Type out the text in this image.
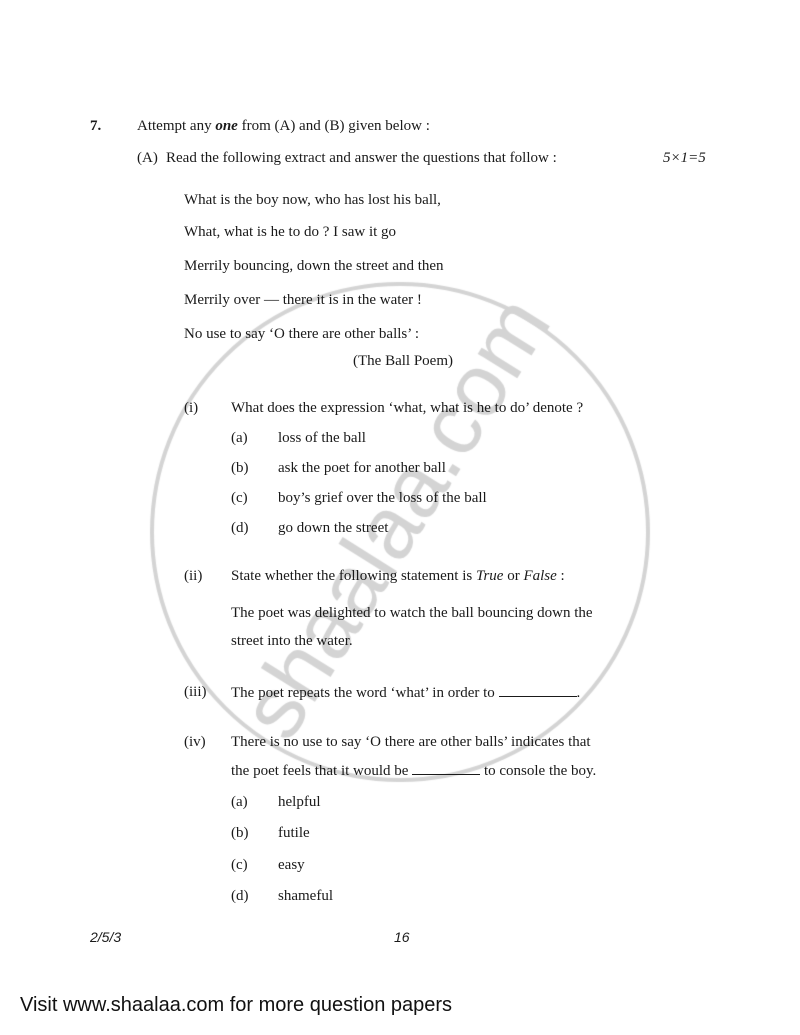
7. Attempt any one from (A) and (B) given below :
(A) Read the following extract and answer the questions that follow :	5×1=5
What is the boy now, who has lost his ball,
What, what is he to do ? I saw it go
Merrily bouncing, down the street and then
Merrily over — there it is in the water !
No use to say ‘O there are other balls’ :
(The Ball Poem)
(i) What does the expression ‘what, what is he to do’ denote ?
(a) loss of the ball
(b) ask the poet for another ball
(c) boy’s grief over the loss of the ball
(d) go down the street
(ii) State whether the following statement is True or False :
The poet was delighted to watch the ball bouncing down the
street into the water.
(iii) The poet repeats the word ‘what’ in order to	.
(iv) There is no use to say ‘O there are other balls’ indicates that
the poet feels that it would be	to console the boy.
(a) helpful
(b) futile
(c) easy
(d) shameful
2/5/3	16
Visit www.shaalaa.com for more question papers
